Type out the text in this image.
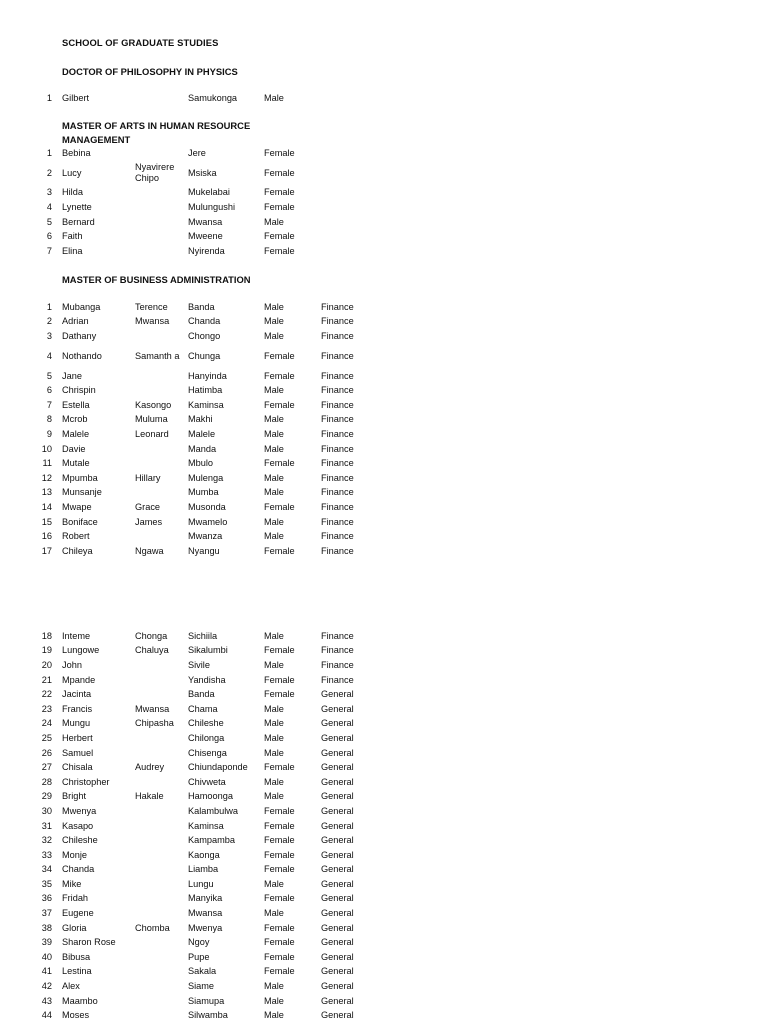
SCHOOL OF GRADUATE STUDIES
DOCTOR OF PHILOSOPHY IN PHYSICS
1	Gilbert		Samukonga	Male	
MASTER OF ARTS IN HUMAN RESOURCE MANAGEMENT
1	Bebina		Jere	Female	
2	Lucy	Nyavirere Chipo	Msiska	Female	
3	Hilda		Mukelabai	Female	
4	Lynette		Mulungushi	Female	
5	Bernard		Mwansa	Male	
6	Faith		Mweene	Female	
7	Elina		Nyirenda	Female	
MASTER OF BUSINESS ADMINISTRATION
1	Mubanga	Terence	Banda	Male	Finance
2	Adrian	Mwansa	Chanda	Male	Finance
3	Dathany		Chongo	Male	Finance
4	Nothando	Samanth a	Chunga	Female	Finance
5	Jane		Hanyinda	Female	Finance
6	Chrispin		Hatimba	Male	Finance
7	Estella	Kasongo	Kaminsa	Female	Finance
8	Mcrob	Muluma	Makhi	Male	Finance
9	Malele	Leonard	Malele	Male	Finance
10	Davie		Manda	Male	Finance
11	Mutale		Mbulo	Female	Finance
12	Mpumba	Hillary	Mulenga	Male	Finance
13	Munsanje		Mumba	Male	Finance
14	Mwape	Grace	Musonda	Female	Finance
15	Boniface	James	Mwamelo	Male	Finance
16	Robert		Mwanza	Male	Finance
17	Chileya	Ngawa	Nyangu	Female	Finance
18	Inteme	Chonga	Sichiila	Male	Finance
19	Lungowe	Chaluya	Sikalumbi	Female	Finance
20	John		Sivile	Male	Finance
21	Mpande		Yandisha	Female	Finance
22	Jacinta		Banda	Female	General
23	Francis	Mwansa	Chama	Male	General
24	Mungu	Chipasha	Chileshe	Male	General
25	Herbert		Chilonga	Male	General
26	Samuel		Chisenga	Male	General
27	Chisala	Audrey	Chiundaponde	Female	General
28	Christopher		Chivweta	Male	General
29	Bright	Hakale	Hamoonga	Male	General
30	Mwenya		Kalambulwa	Female	General
31	Kasapo		Kaminsa	Female	General
32	Chileshe		Kampamba	Female	General
33	Monje		Kaonga	Female	General
34	Chanda		Liamba	Female	General
35	Mike		Lungu	Male	General
36	Fridah		Manyika	Female	General
37	Eugene		Mwansa	Male	General
38	Gloria	Chomba	Mwenya	Female	General
39	Sharon Rose		Ngoy	Female	General
40	Bibusa		Pupe	Female	General
41	Lestina		Sakala	Female	General
42	Alex		Siame	Male	General
43	Maambo		Siamupa	Male	General
44	Moses		Silwamba	Male	General
